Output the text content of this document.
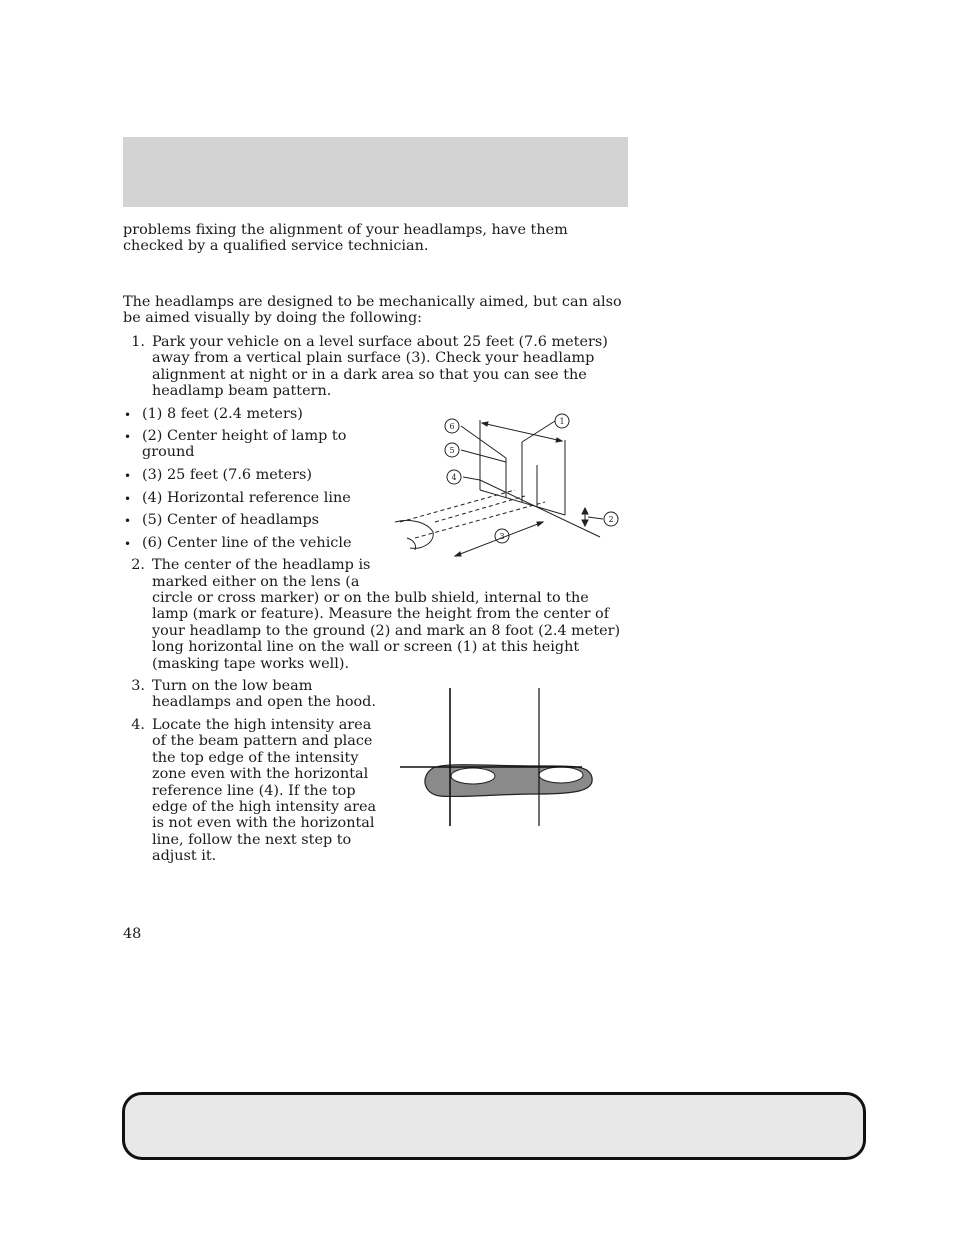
problems fixing the alignment of your headlamps, have them checked by a qualified service technician.
The headlamps are designed to be mechanically aimed, but can also be aimed visually by doing the following:
1. Park your vehicle on a level surface about 25 feet (7.6 meters) away from a vertical plain surface (3). Check your headlamp alignment at night or in a dark area so that you can see the headlamp beam pattern.
• (1) 8 feet (2.4 meters)
• (2) Center height of lamp to ground
• (3) 25 feet (7.6 meters)
• (4) Horizontal reference line
• (5) Center of headlamps
• (6) Center line of the vehicle
2. The center of the headlamp is
marked either on the lens (a
circle or cross marker) or on the bulb shield, internal to the lamp (mark or feature). Measure the height from the center of your headlamp to the ground (2) and mark an 8 foot (2.4 meter) long horizontal line on the wall or screen (1) at this height (masking tape works well).
3. Turn on the low beam headlamps and open the hood.
4. Locate the high intensity area of the beam pattern and place the top edge of the intensity zone even with the horizontal reference line (4). If the top edge of the high intensity area is not even with the horizontal line, follow the next step to adjust it.
6
5
4
1
2
3
48
